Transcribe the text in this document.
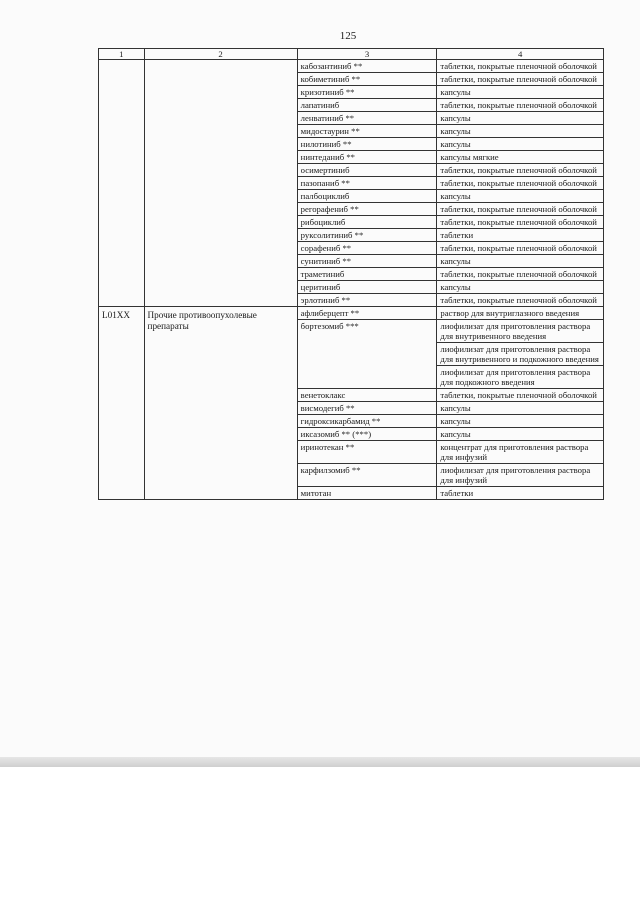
125
1	2	3	4
		кабозантиниб **	таблетки, покрытые пленочной оболочкой
		кобиметиниб **	таблетки, покрытые пленочной оболочкой
		кризотиниб **	капсулы
		лапатиниб	таблетки, покрытые пленочной оболочкой
		ленватиниб **	капсулы
		мидостаурин **	капсулы
		нилотиниб **	капсулы
		нинтеданиб **	капсулы мягкие
		осимертиниб	таблетки, покрытые пленочной оболочкой
		пазопаниб **	таблетки, покрытые пленочной оболочкой
		палбоциклиб	капсулы
		регорафениб **	таблетки, покрытые пленочной оболочкой
		рибоциклиб	таблетки, покрытые пленочной оболочкой
		руксолитиниб **	таблетки
		сорафениб **	таблетки, покрытые пленочной оболочкой
		сунитиниб **	капсулы
		траметиниб	таблетки, покрытые пленочной оболочкой
		церитиниб	капсулы
		эрлотиниб **	таблетки, покрытые пленочной оболочкой
L01XX	Прочие противоопухолевые препараты	афлиберцепт **	раствор для внутриглазного введения
		бортезомиб ***	лиофилизат для приготовления раствора для внутривенного введения
			лиофилизат для приготовления раствора для внутривенного и подкожного введения
			лиофилизат для приготовления раствора для подкожного введения
		венетоклакс	таблетки, покрытые пленочной оболочкой
		висмодегиб **	капсулы
		гидроксикарбамид **	капсулы
		иксазомиб ** (***)	капсулы
		иринотекан **	концентрат для приготовления раствора для инфузий
		карфилзомиб **	лиофилизат для приготовления раствора для инфузий
		митотан	таблетки
